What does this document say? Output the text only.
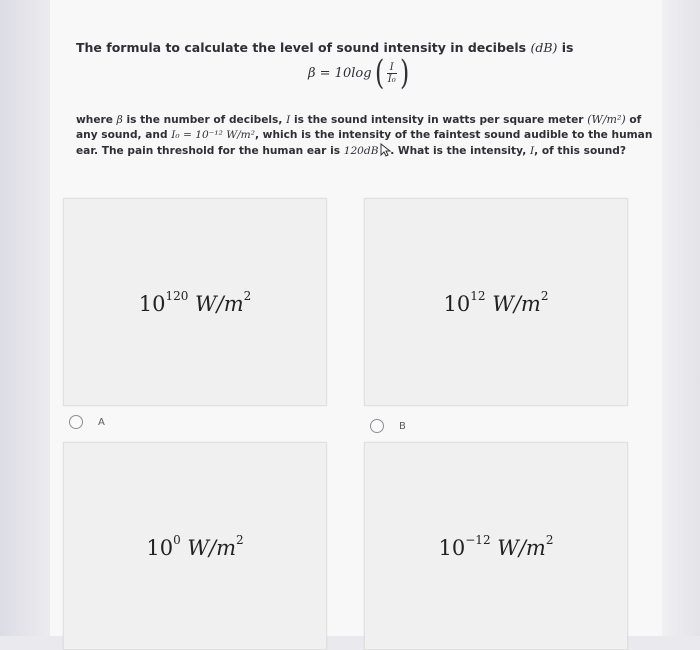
The formula to calculate the level of sound intensity in decibels (dB) is
β = 10log ( $\frac{I}{\text{I₀}}$ )
where β is the number of decibels, I is the sound intensity in watts per square meter (W/m²) of
any sound, and I₀ = 10⁻¹² W/m², which is the intensity of the faintest sound audible to the human
ear. The pain threshold for the human ear is 120dB . What is the intensity, I, of this sound?
$10^{120}$ $W/m^2$
A
$10^{12}$ $W/m^2$
B
$10^0$ $W/m^2$	$10^{-12}$ $W/m^2$
